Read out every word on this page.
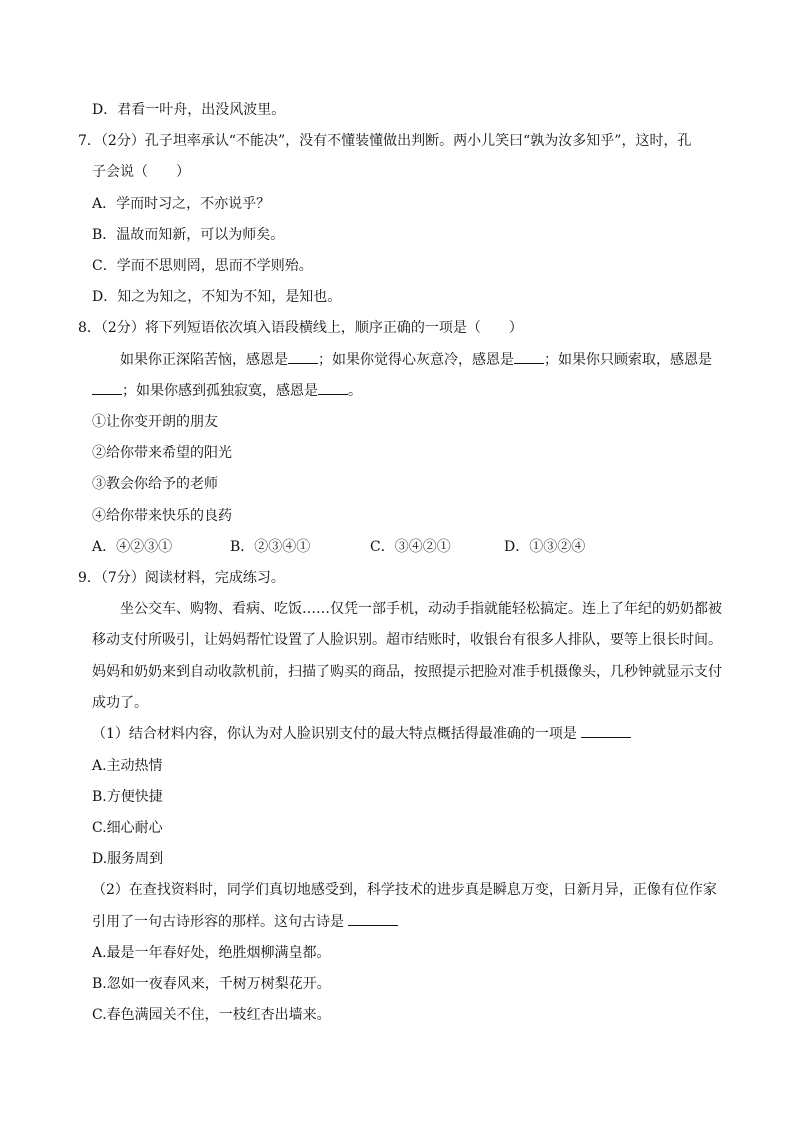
D．君看一叶舟，出没风波里。
7．（2分）孔子坦率承认“不能决”，没有不懂装懂做出判断。两小儿笑曰“孰为汝多知乎”，这时，孔
子会说（　　）
A．学而时习之，不亦说乎？
B．温故而知新，可以为师矣。
C．学而不思则罔，思而不学则殆。
D．知之为知之，不知为不知，是知也。
8．（2分）将下列短语依次填入语段横线上，顺序正确的一项是（　　）
如果你正深陷苦恼，感恩是 ；如果你觉得心灰意冷，感恩是 ；如果你只顾索取，感恩是
；如果你感到孤独寂寞，感恩是 。
①让你变开朗的朋友
②给你带来希望的阳光
③教会你给予的老师
④给你带来快乐的良药
A．④②③①	B．②③④①	C．③④②①	D．①③②④
9．（7分）阅读材料，完成练习。
坐公交车、购物、看病、吃饭……仅凭一部手机，动动手指就能轻松搞定。连上了年纪的奶奶都被
移动支付所吸引，让妈妈帮忙设置了人脸识别。超市结账时，收银台有很多人排队，要等上很长时间。
妈妈和奶奶来到自动收款机前，扫描了购买的商品，按照提示把脸对准手机摄像头，几秒钟就显示支付
成功了。
（1）结合材料内容，你认为对人脸识别支付的最大特点概括得最准确的一项是
A.主动热情
B.方便快捷
C.细心耐心
D.服务周到
（2）在查找资料时，同学们真切地感受到，科学技术的进步真是瞬息万变，日新月异，正像有位作家
引用了一句古诗形容的那样。这句古诗是
A.最是一年春好处，绝胜烟柳满皇都。
B.忽如一夜春风来，千树万树梨花开。
C.春色满园关不住，一枝红杏出墙来。
